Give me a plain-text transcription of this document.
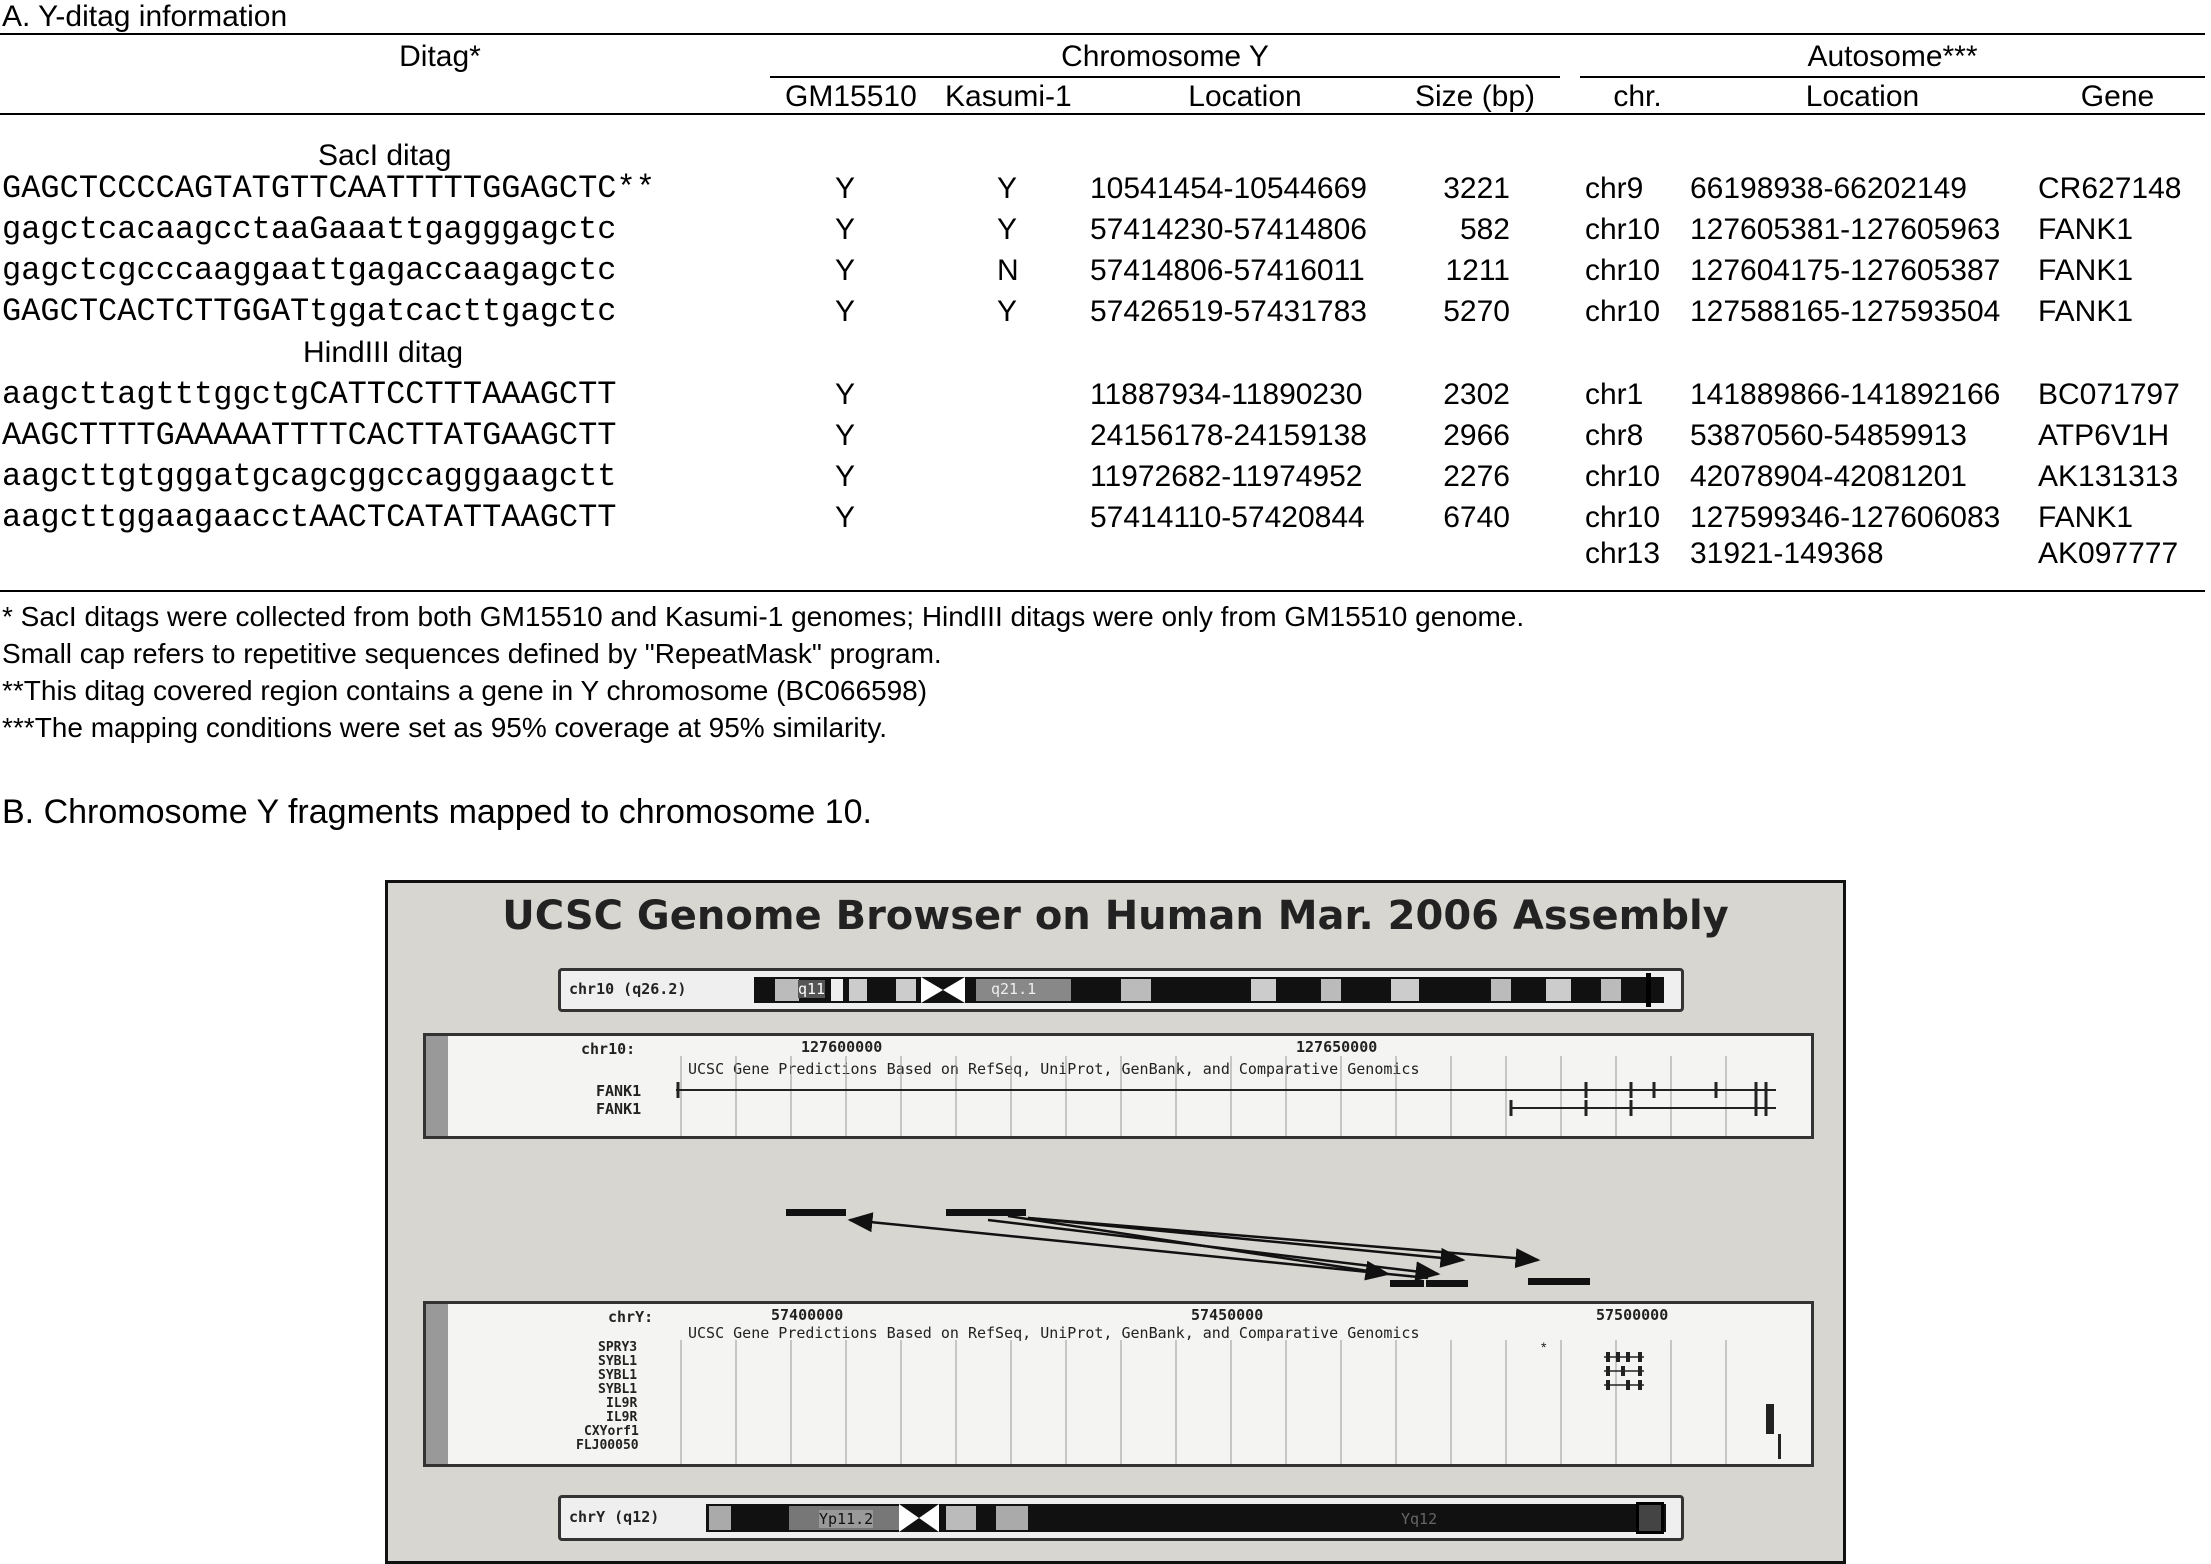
A. Y-ditag information
Ditag*	Chromosome Y	Autosome***
GM15510 Kasumi-1	Location	Size (bp)	chr.	Location	Gene
SacI ditag
HindIII ditag
GAGCTCCCCAGTATGTTCAATTTTTGGAGCTC**	Y	Y 10541454-10544669	3221	chr9 66198938-66202149 CR627148
gagctcacaagcctaaGaaattgagggagctc	Y	Y 57414230-57414806	582	chr10 127605381-127605963 FANK1
gagctcgcccaaggaattgagaccaagagctc	Y	N 57414806-57416011	1211	chr10 127604175-127605387 FANK1
GAGCTCACTCTTGGATtggatcacttgagctc	Y	Y 57426519-57431783	5270	chr10 127588165-127593504 FANK1
aagcttagtttggctgCATTCCTTTAAAGCTT	Y	11887934-11890230	2302	chr1 141889866-141892166 BC071797
AAGCTTTTGAAAAATTTTCACTTATGAAGCTT	Y	24156178-24159138	2966	chr8 53870560-54859913 ATP6V1H
aagcttgtgggatgcagcggccagggaagctt	Y	11972682-11974952	2276	chr10 42078904-42081201 AK131313
aagcttggaagaacctAACTCATATTAAGCTT	Y	57414110-57420844	6740	chr10 127599346-127606083 FANK1
chr13 31921-149368	AK097777
* SacI ditags were collected from both GM15510 and Kasumi-1 genomes; HindIII ditags were only from GM15510 genome.
Small cap refers to repetitive sequences defined by "RepeatMask" program.
**This ditag covered region contains a gene in Y chromosome (BC066598)
***The mapping conditions were set as 95% coverage at 95% similarity.
B. Chromosome Y fragments mapped to chromosome 10.
UCSC Genome Browser on Human Mar. 2006 Assembly
chr10 (q26.2)	q11	q21.1
chr10:	127600000	127650000
UCSC Gene Predictions Based on RefSeq, UniProt, GenBank, and Comparative Genomics
FANK1
FANK1
chrY:	57400000	57450000	57500000
UCSC Gene Predictions Based on RefSeq, UniProt, GenBank, and Comparative Genomics
SPRY3
SYBL1
SYBL1
SYBL1
IL9R
IL9R
CXYorf1
FLJ00050
*
chrY (q12)	Yp11.2	Yq12
